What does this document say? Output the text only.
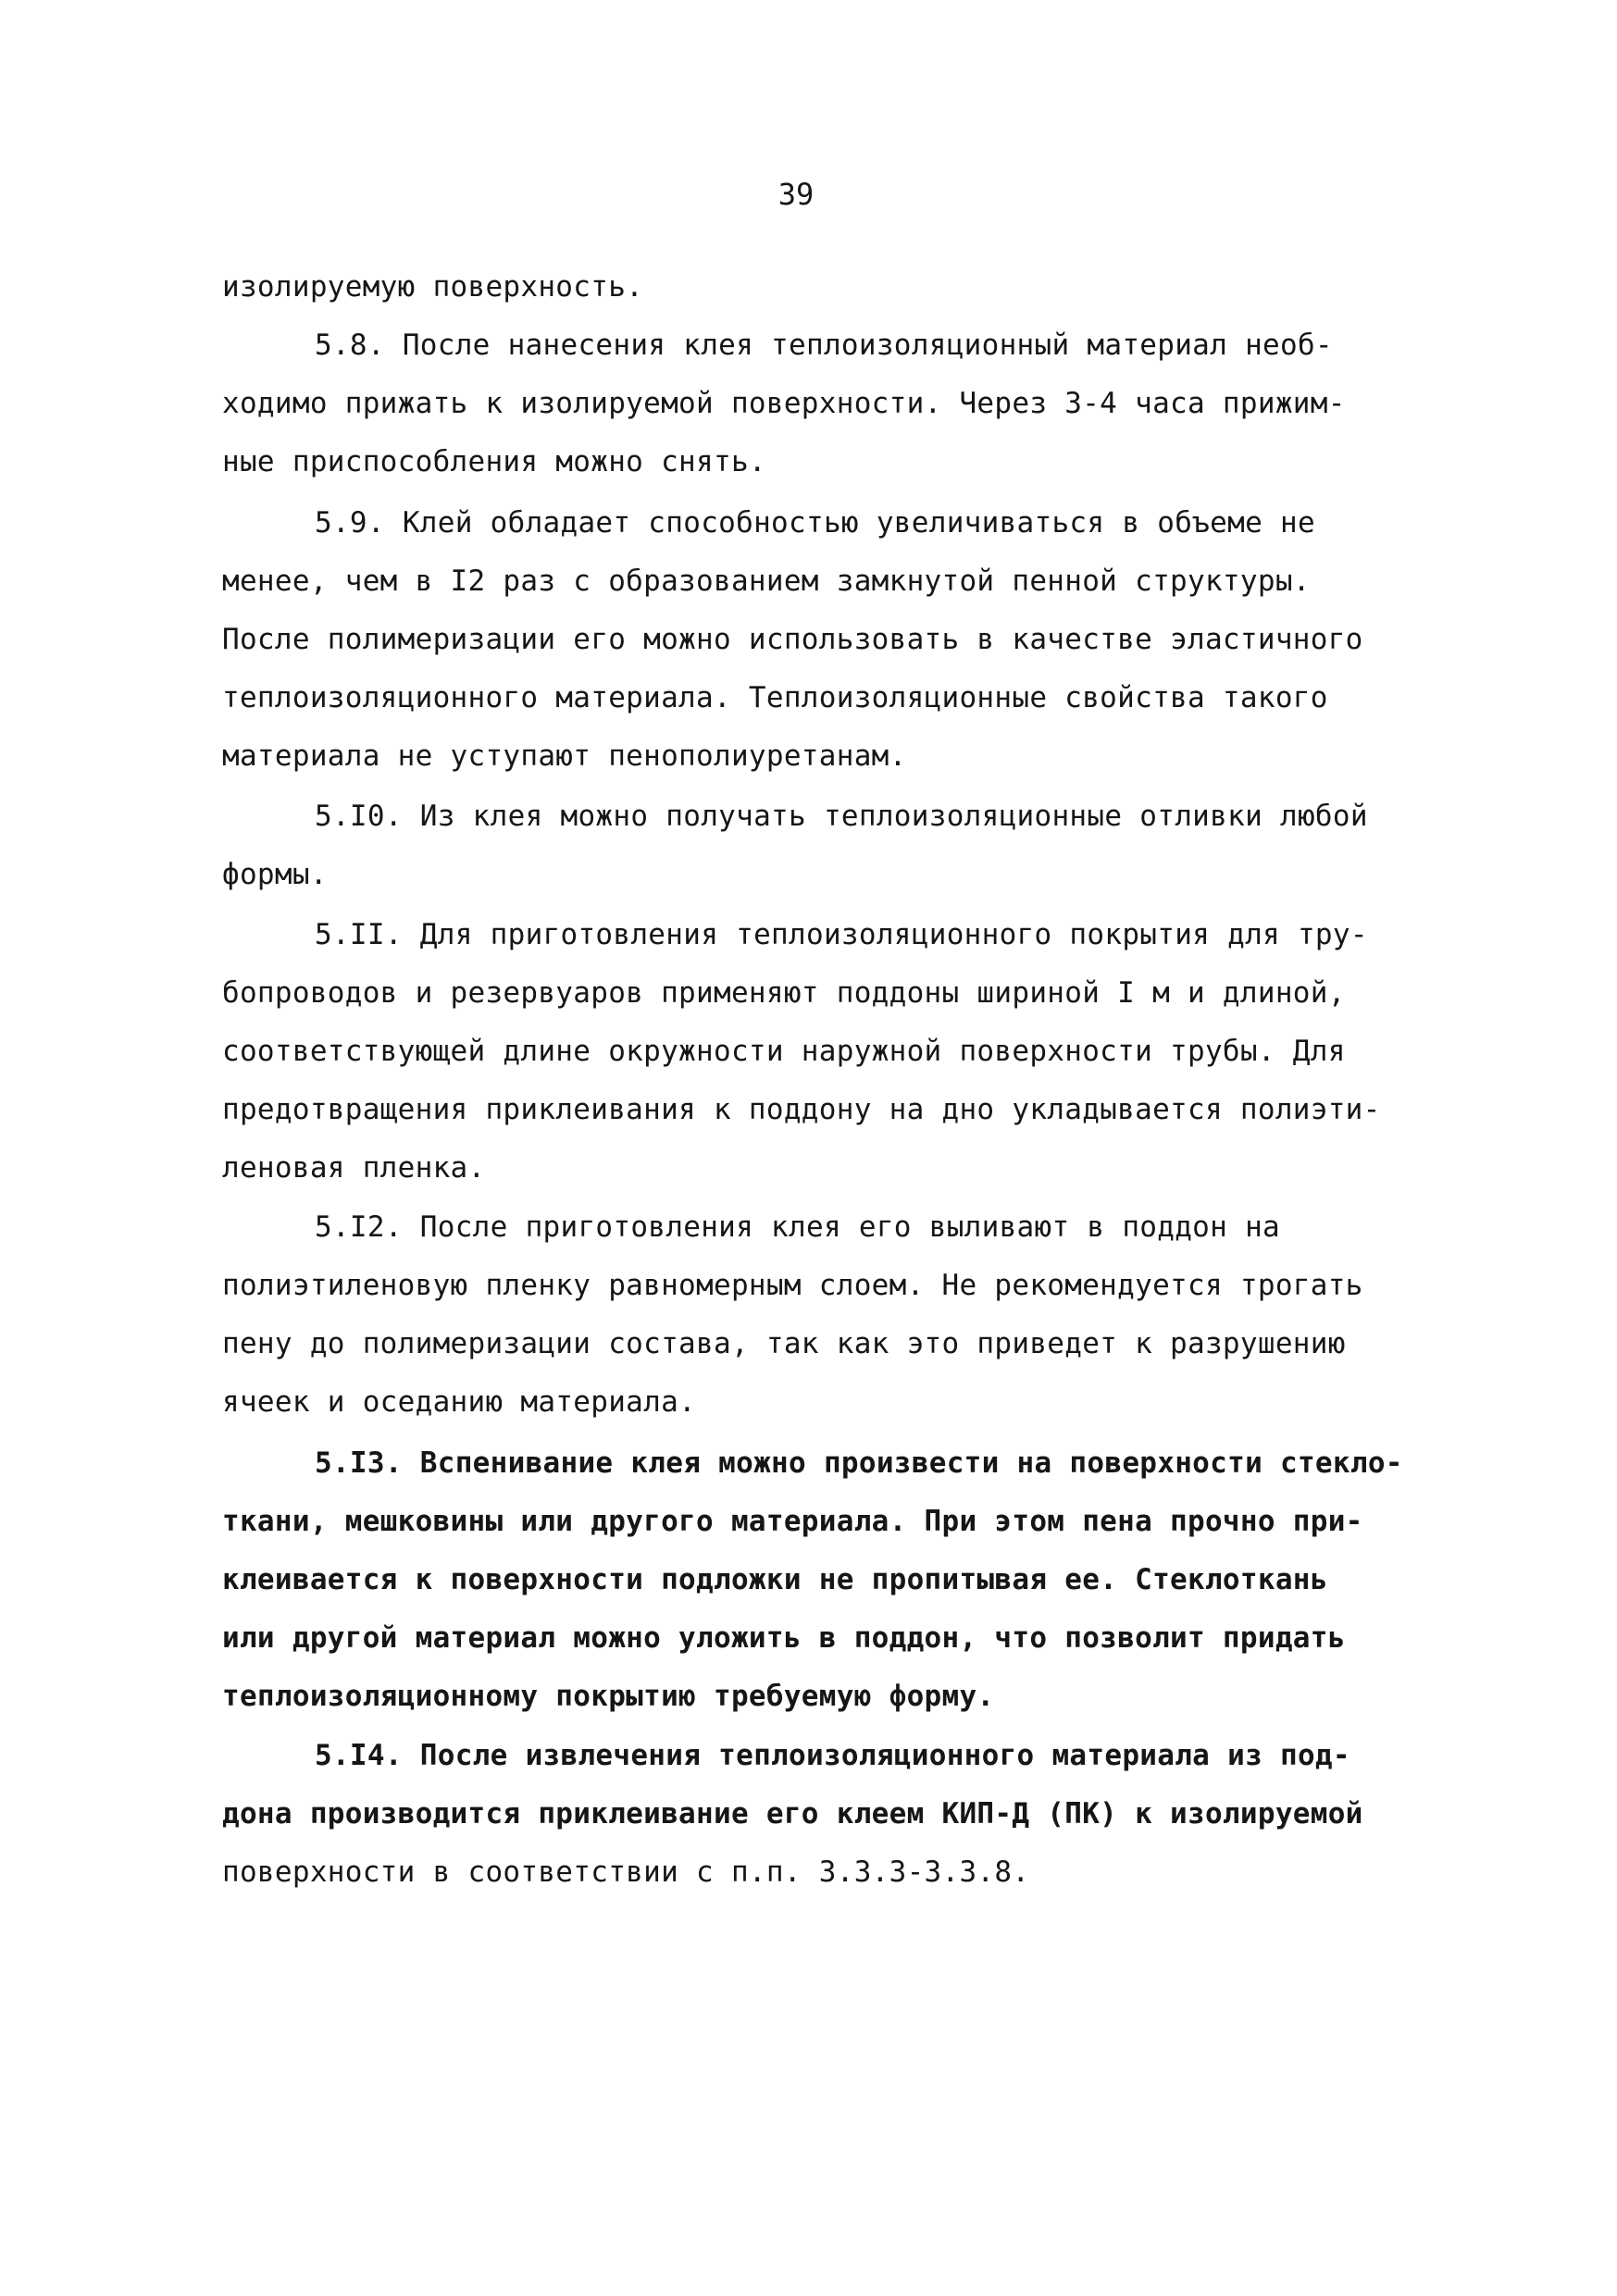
39
изолируемую поверхность.
5.8. После нанесения клея теплоизоляционный материал необ-
ходимо прижать к изолируемой поверхности. Через 3-4 часа прижим-
ные приспособления можно снять.
5.9. Клей обладает способностью увеличиваться в объеме не
менее, чем в I2 раз с образованием замкнутой пенной структуры.
После полимеризации его можно использовать в качестве эластичного
теплоизоляционного материала. Теплоизоляционные свойства такого
материала не уступают пенополиуретанам.
5.I0. Из клея можно получать теплоизоляционные отливки любой
формы.
5.II. Для приготовления теплоизоляционного покрытия для тру-
бопроводов и резервуаров применяют поддоны шириной I м и длиной,
соответствующей длине окружности наружной поверхности трубы. Для
предотвращения приклеивания к поддону на дно укладывается полиэти-
леновая пленка.
5.I2. После приготовления клея его выливают в поддон на
полиэтиленовую пленку равномерным слоем. Не рекомендуется трогать
пену до полимеризации состава, так как это приведет к разрушению
ячеек и оседанию материала.
5.I3. Вспенивание клея можно произвести на поверхности стекло-
ткани, мешковины или другого материала. При этом пена прочно при-
клеивается к поверхности подложки не пропитывая ее. Стеклоткань
или другой материал можно уложить в поддон, что позволит придать
теплоизоляционному покрытию требуемую форму.
5.I4. После извлечения теплоизоляционного материала из под-
дона производится приклеивание его клеем КИП-Д (ПК) к изолируемой
поверхности в соответствии с п.п. 3.3.3-3.3.8.
